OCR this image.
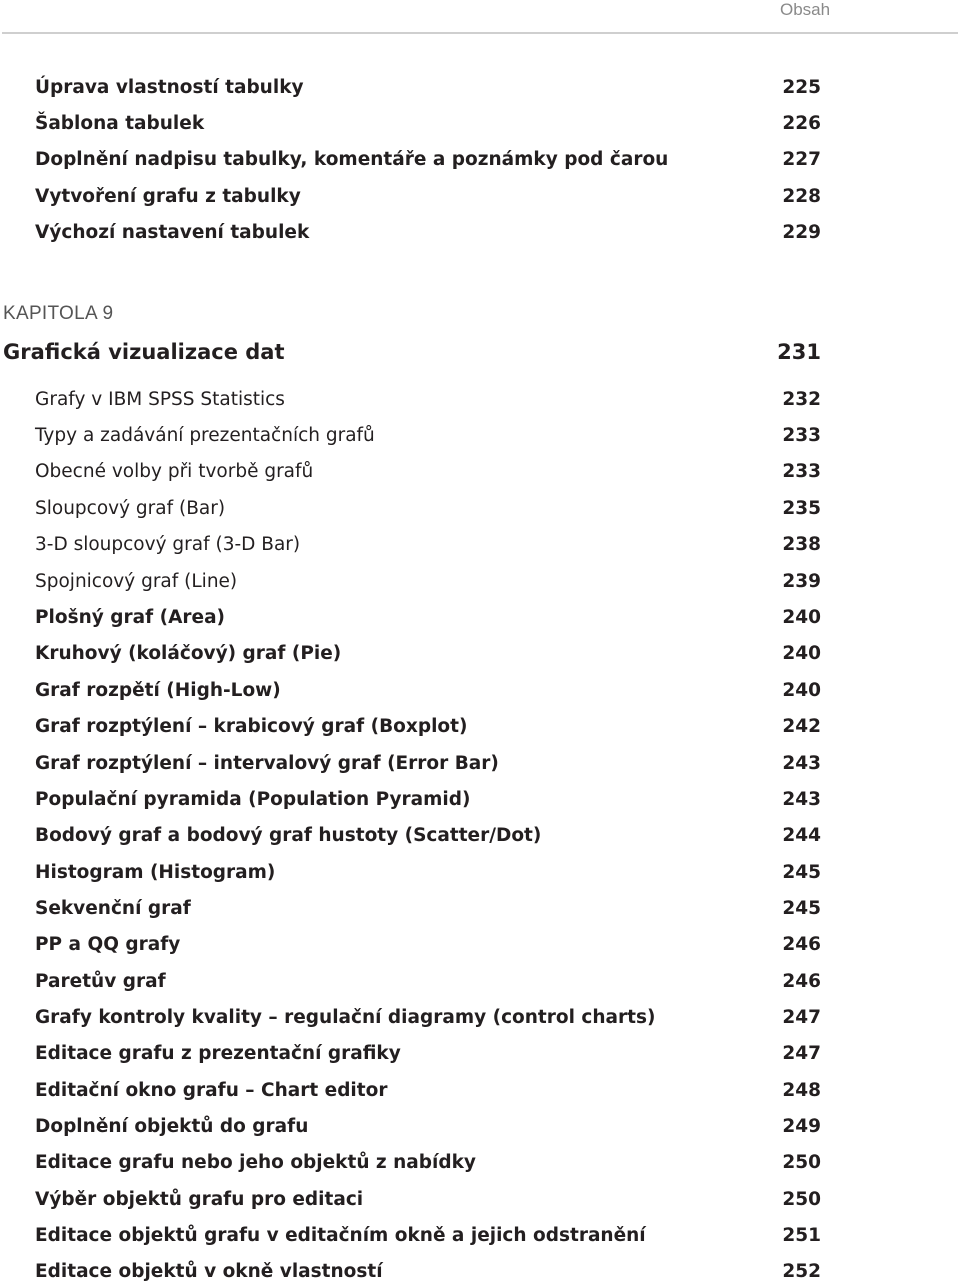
Obsah
Úprava vlastností tabulky	225
Šablona tabulek	226
Doplnění nadpisu tabulky, komentáře a poznámky pod čarou	227
Vytvoření grafu z tabulky	228
Výchozí nastavení tabulek	229
KAPITOLA 9
Grafická vizualizace dat	231
Grafy v IBM SPSS Statistics	232
Typy a zadávání prezentačních grafů	233
Obecné volby při tvorbě grafů	233
Sloupcový graf (Bar)	235
3-D sloupcový graf (3-D Bar)	238
Spojnicový graf (Line)	239
Plošný graf (Area)	240
Kruhový (koláčový) graf (Pie)	240
Graf rozpětí (High-Low)	240
Graf rozptýlení – krabicový graf (Boxplot)	242
Graf rozptýlení – intervalový graf (Error Bar)	243
Populační pyramida (Population Pyramid)	243
Bodový graf a bodový graf hustoty (Scatter/Dot)	244
Histogram (Histogram)	245
Sekvenční graf	245
PP a QQ grafy	246
Paretův graf	246
Grafy kontroly kvality – regulační diagramy (control charts)	247
Editace grafu z prezentační grafiky	247
Editační okno grafu – Chart editor	248
Doplnění objektů do grafu	249
Editace grafu nebo jeho objektů z nabídky	250
Výběr objektů grafu pro editaci	250
Editace objektů grafu v editačním okně a jejich odstranění	251
Editace objektů v okně vlastností	252
